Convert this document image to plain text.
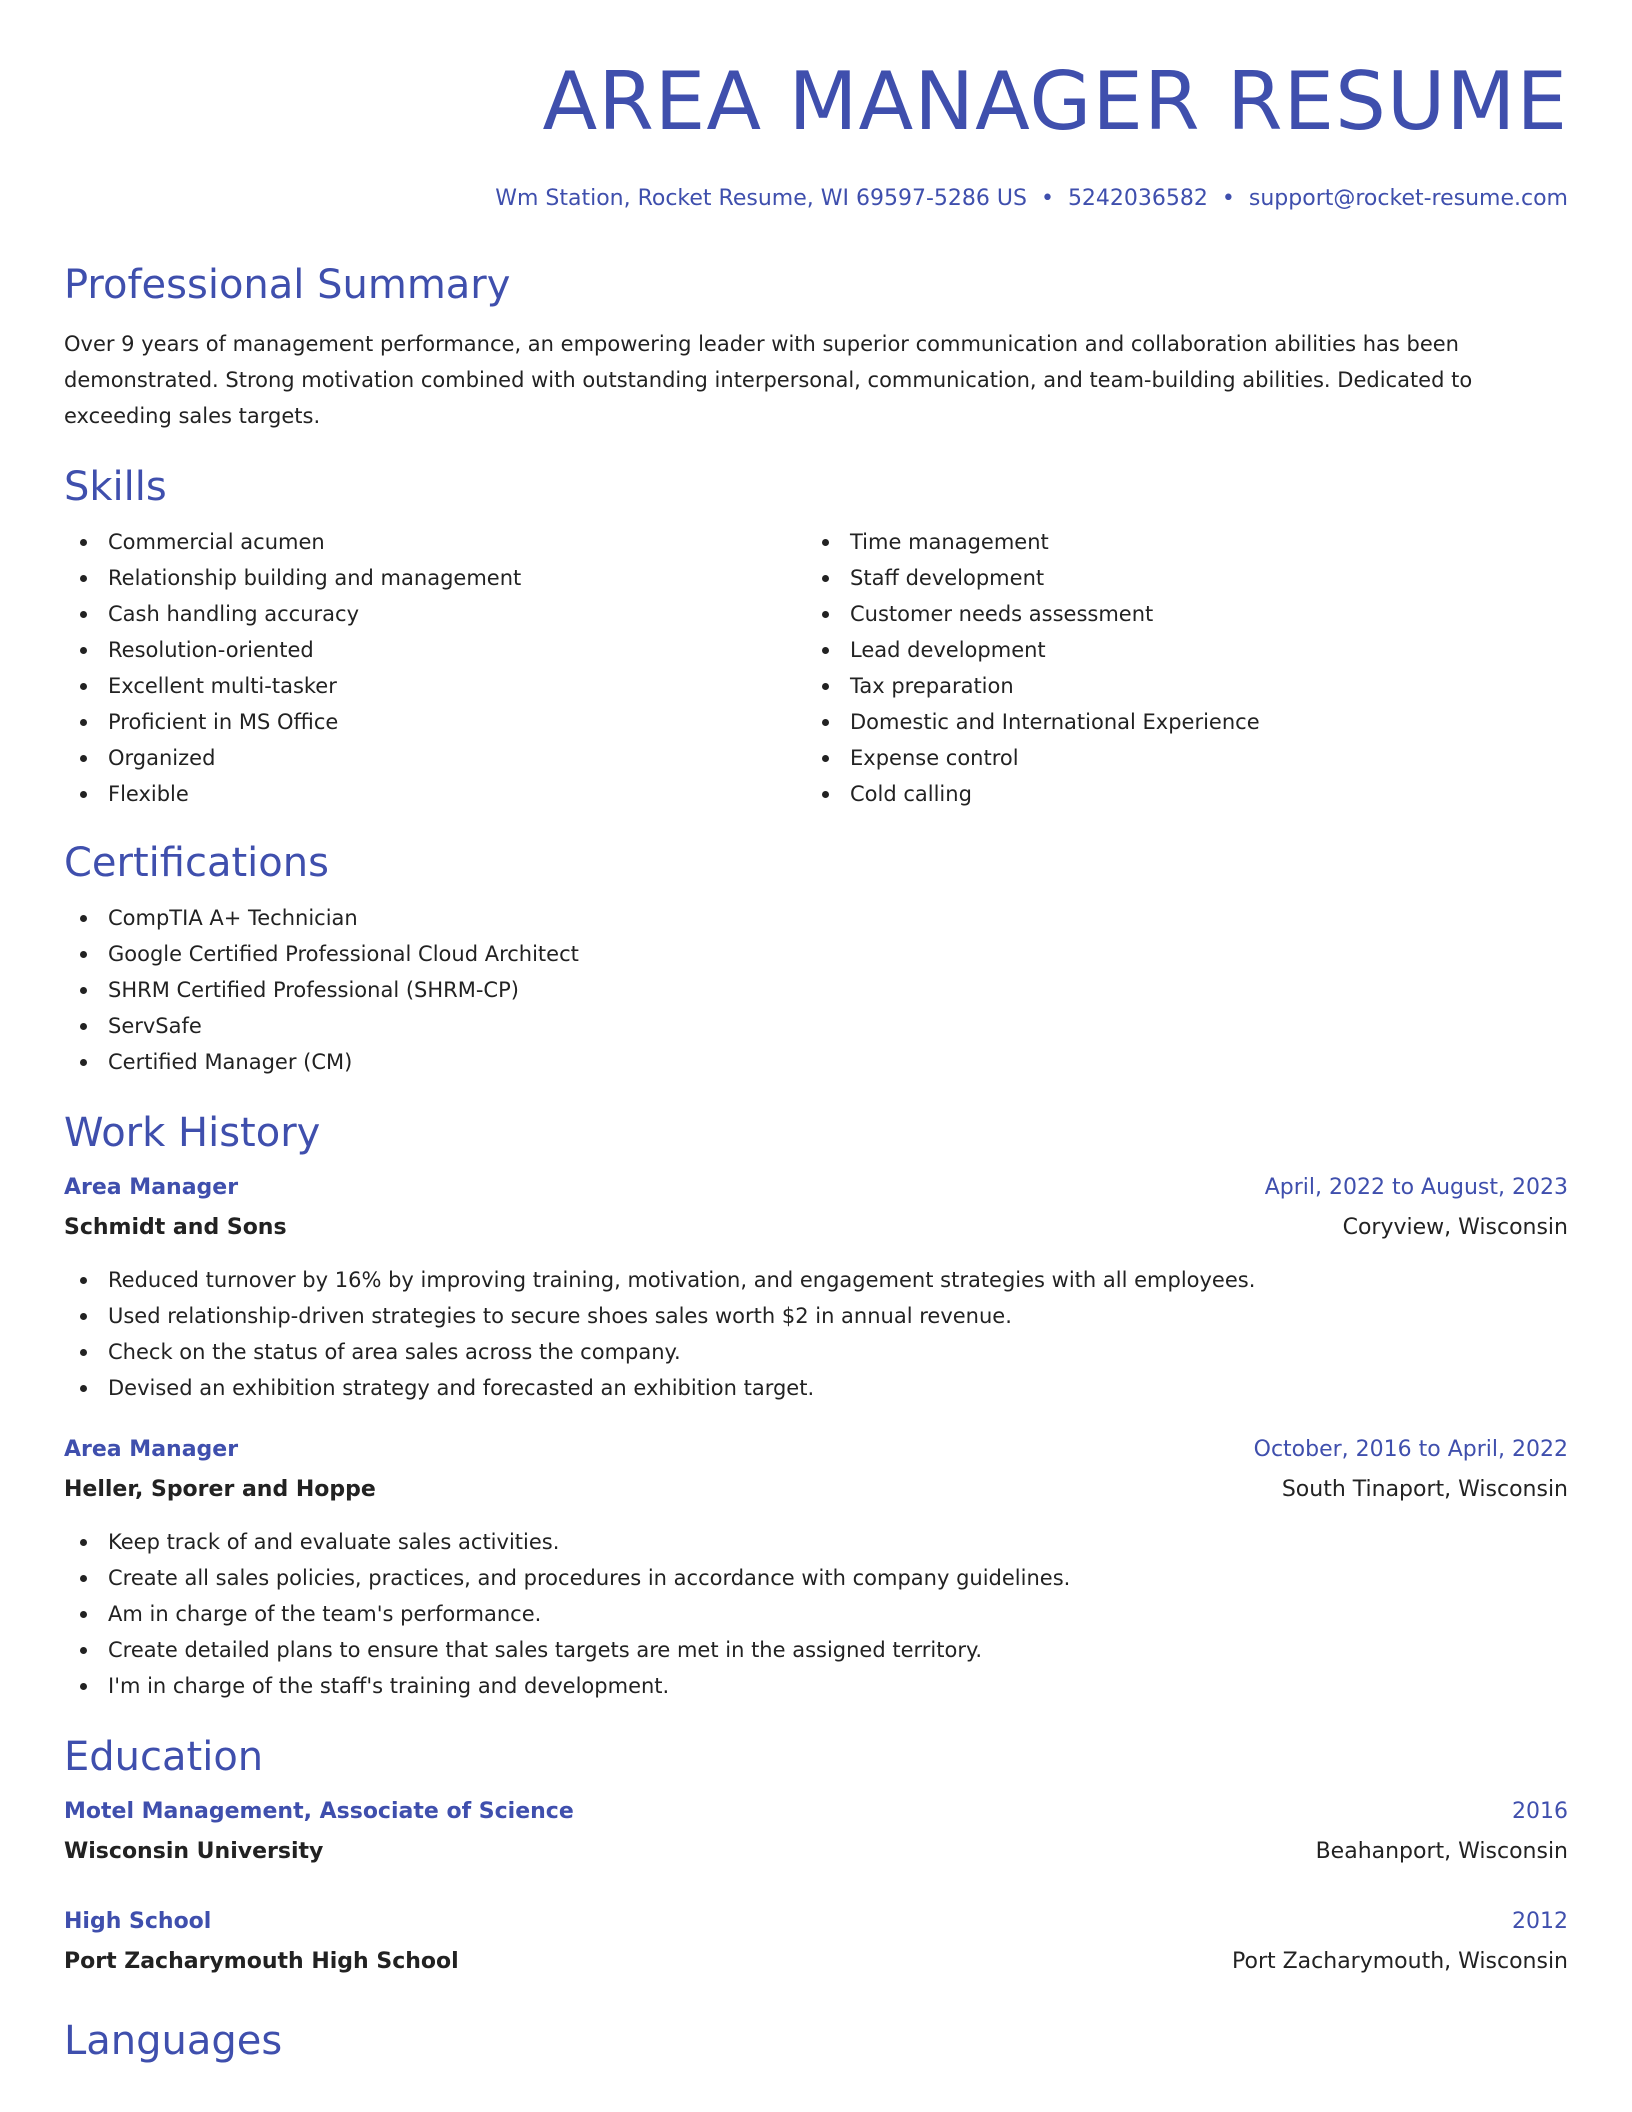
AREA MANAGER RESUME
Wm Station, Rocket Resume, WI 69597-5286 US • 5242036582 • support@rocket-resume.com
Professional Summary
Over 9 years of management performance, an empowering leader with superior communication and collaboration abilities has been demonstrated. Strong motivation combined with outstanding interpersonal, communication, and team-building abilities. Dedicated to exceeding sales targets.
Skills
Commercial acumen
Relationship building and management
Cash handling accuracy
Resolution-oriented
Excellent multi-tasker
Proficient in MS Office
Organized
Flexible
Time management
Staff development
Customer needs assessment
Lead development
Tax preparation
Domestic and International Experience
Expense control
Cold calling
Certifications
CompTIA A+ Technician
Google Certified Professional Cloud Architect
SHRM Certified Professional (SHRM-CP)
ServSafe
Certified Manager (CM)
Work History
Area Manager	April, 2022 to August, 2023
Schmidt and Sons	Coryview, Wisconsin
Reduced turnover by 16% by improving training, motivation, and engagement strategies with all employees.
Used relationship-driven strategies to secure shoes sales worth $2 in annual revenue.
Check on the status of area sales across the company.
Devised an exhibition strategy and forecasted an exhibition target.
Area Manager	October, 2016 to April, 2022
Heller, Sporer and Hoppe	South Tinaport, Wisconsin
Keep track of and evaluate sales activities.
Create all sales policies, practices, and procedures in accordance with company guidelines.
Am in charge of the team's performance.
Create detailed plans to ensure that sales targets are met in the assigned territory.
I'm in charge of the staff's training and development.
Education
Motel Management, Associate of Science	2016
Wisconsin University	Beahanport, Wisconsin
High School	2012
Port Zacharymouth High School	Port Zacharymouth, Wisconsin
Languages
